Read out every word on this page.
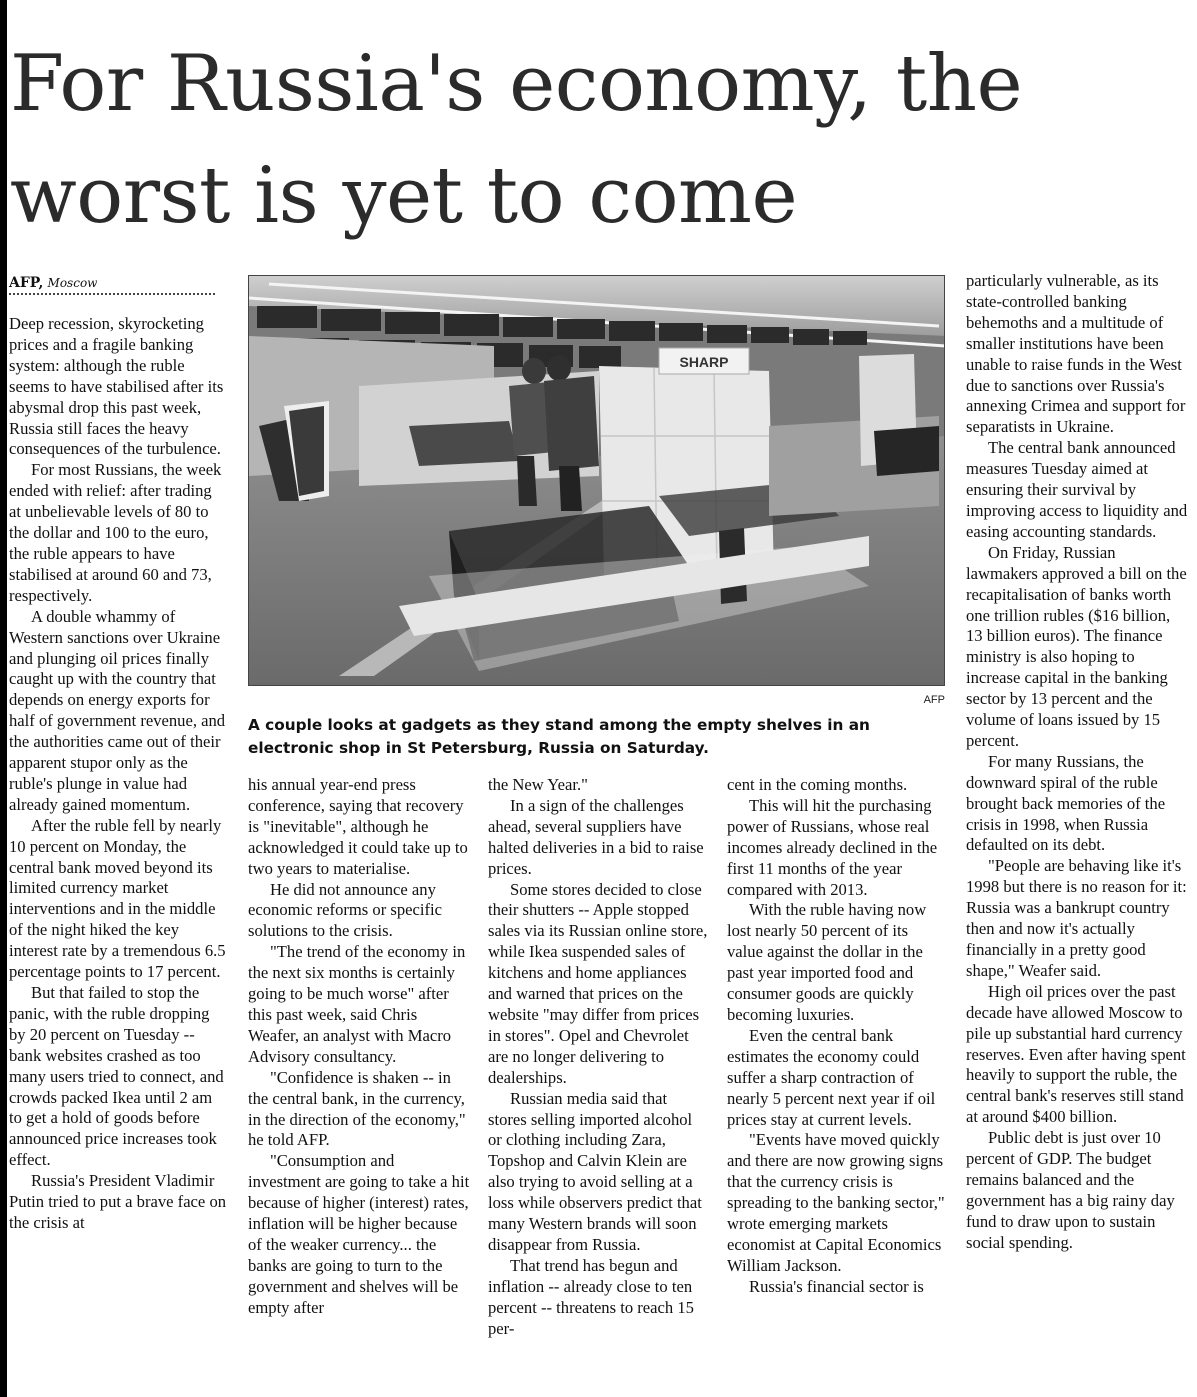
For Russia's economy, the
worst is yet to come
AFP, Moscow

Deep recession, skyrocketing prices and a fragile banking system: although the ruble seems to have stabilised after its abysmal drop this past week, Russia still faces the heavy consequences of the turbulence.

For most Russians, the week ended with relief: after trading at unbelievable levels of 80 to the dollar and 100 to the euro, the ruble appears to have stabilised at around 60 and 73, respectively.

A double whammy of Western sanctions over Ukraine and plunging oil prices finally caught up with the country that depends on energy exports for half of government revenue, and the authorities came out of their apparent stupor only as the ruble's plunge in value had already gained momentum.

After the ruble fell by nearly 10 percent on Monday, the central bank moved beyond its limited currency market interventions and in the middle of the night hiked the key interest rate by a tremendous 6.5 percentage points to 17 percent.

But that failed to stop the panic, with the ruble dropping by 20 percent on Tuesday -- bank websites crashed as too many users tried to connect, and crowds packed Ikea until 2 am to get a hold of goods before announced price increases took effect.

Russia's President Vladimir Putin tried to put a brave face on the crisis at

SHARP
AFP
A couple looks at gadgets as they stand among the empty shelves in an electronic shop in St Petersburg, Russia on Saturday.

his annual year-end press conference, saying that recovery is "inevitable", although he acknowledged it could take up to two years to materialise.

He did not announce any economic reforms or specific solutions to the crisis.

"The trend of the economy in the next six months is certainly going to be much worse" after this past week, said Chris Weafer, an analyst with Macro Advisory consultancy.

"Confidence is shaken -- in the central bank, in the currency, in the direction of the economy," he told AFP.

"Consumption and investment are going to take a hit because of higher (interest) rates, inflation will be higher because of the weaker currency... the banks are going to turn to the government and shelves will be empty after

the New Year."

In a sign of the challenges ahead, several suppliers have halted deliveries in a bid to raise prices.

Some stores decided to close their shutters -- Apple stopped sales via its Russian online store, while Ikea suspended sales of kitchens and home appliances and warned that prices on the website "may differ from prices in stores". Opel and Chevrolet are no longer delivering to dealerships.

Russian media said that stores selling imported alcohol or clothing including Zara, Topshop and Calvin Klein are also trying to avoid selling at a loss while observers predict that many Western brands will soon disappear from Russia.

That trend has begun and inflation -- already close to ten percent -- threatens to reach 15 per-

cent in the coming months.

This will hit the purchasing power of Russians, whose real incomes already declined in the first 11 months of the year compared with 2013.

With the ruble having now lost nearly 50 percent of its value against the dollar in the past year imported food and consumer goods are quickly becoming luxuries.

Even the central bank estimates the economy could suffer a sharp contraction of nearly 5 percent next year if oil prices stay at current levels.

"Events have moved quickly and there are now growing signs that the currency crisis is spreading to the banking sector," wrote emerging markets economist at Capital Economics William Jackson.

Russia's financial sector is

particularly vulnerable, as its state-controlled banking behemoths and a multitude of smaller institutions have been unable to raise funds in the West due to sanctions over Russia's annexing Crimea and support for separatists in Ukraine.

The central bank announced measures Tuesday aimed at ensuring their survival by improving access to liquidity and easing accounting standards.

On Friday, Russian lawmakers approved a bill on the recapitalisation of banks worth one trillion rubles ($16 billion, 13 billion euros). The finance ministry is also hoping to increase capital in the banking sector by 13 percent and the volume of loans issued by 15 percent.

For many Russians, the downward spiral of the ruble brought back memories of the crisis in 1998, when Russia defaulted on its debt.

"People are behaving like it's 1998 but there is no reason for it: Russia was a bankrupt country then and now it's actually financially in a pretty good shape," Weafer said.

High oil prices over the past decade have allowed Moscow to pile up substantial hard currency reserves. Even after having spent heavily to support the ruble, the central bank's reserves still stand at around $400 billion.

Public debt is just over 10 percent of GDP. The budget remains balanced and the government has a big rainy day fund to draw upon to sustain social spending.
